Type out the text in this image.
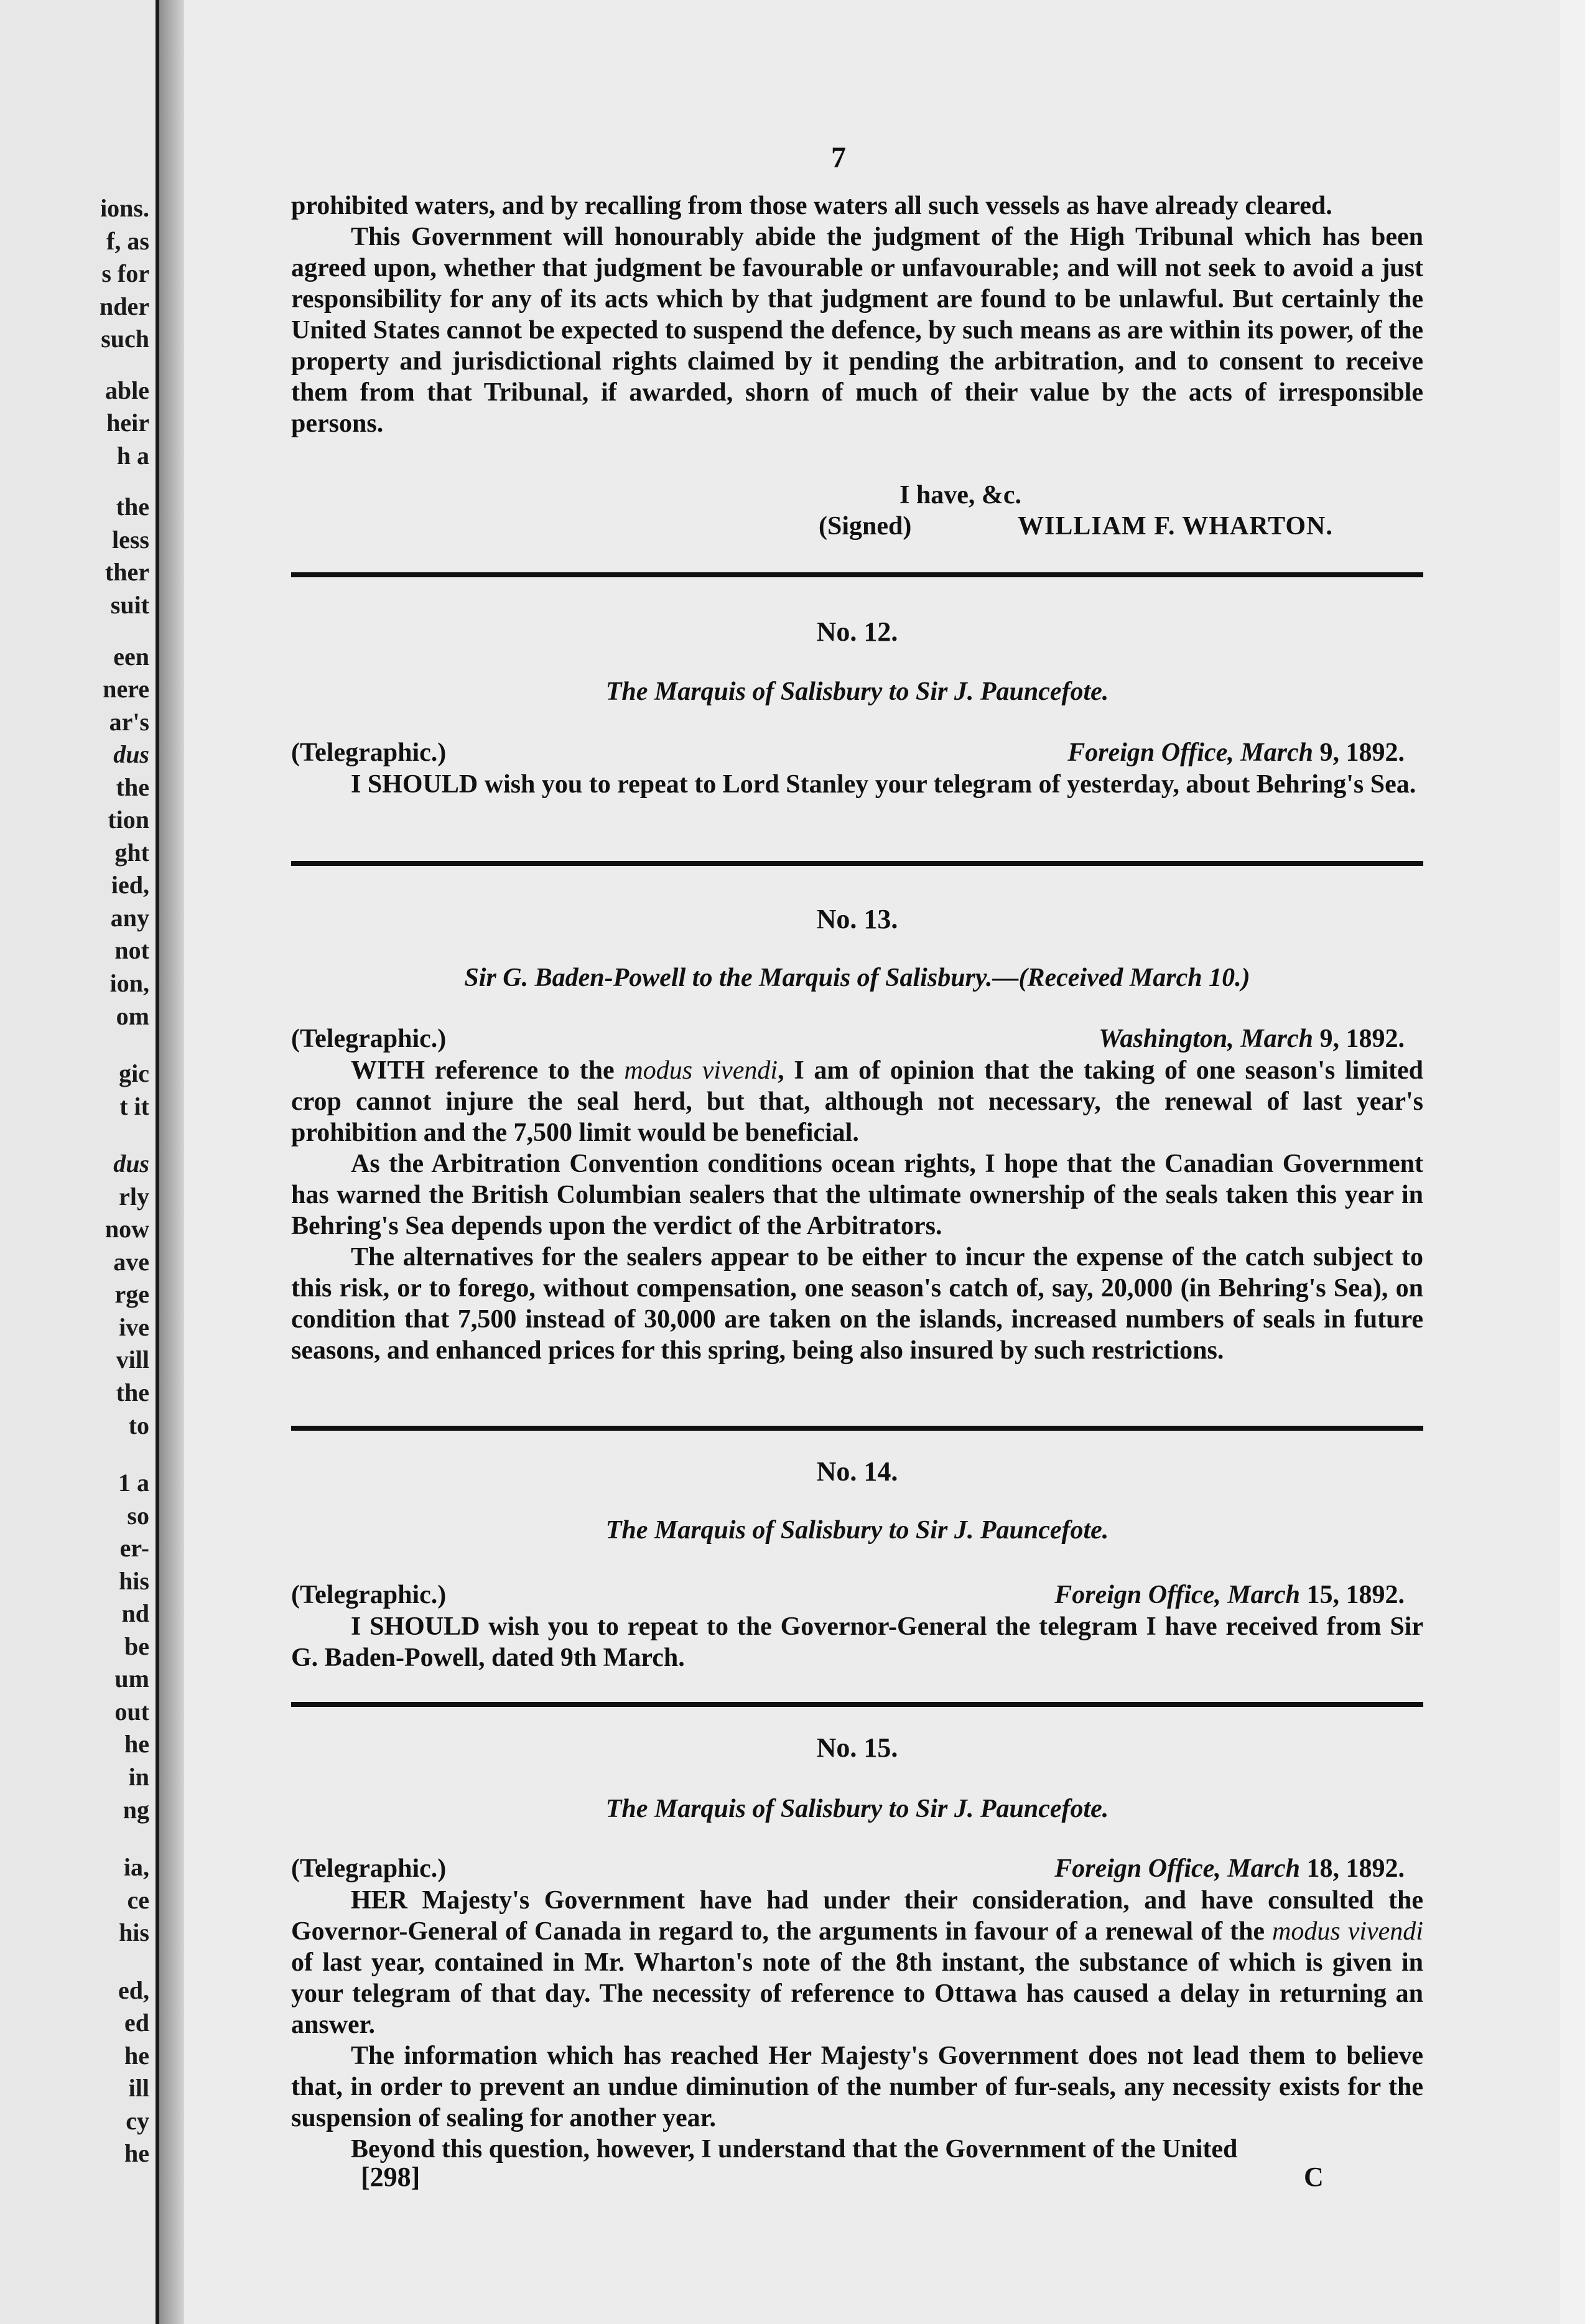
ions.
f, as
s for
nder
such
able
heir
h a
the
less
ther
suit
een
nere
ar's
dus
the
tion
ght
ied,
any
not
ion,
om
gic
t it
dus
rly
now
ave
rge
ive
vill
the
to
1 a
so
er-
his
nd
be
um
out
he
in
ng
ia,
ce
his
ed,
ed
he
ill
cy
he
7

prohibited waters, and by recalling from those waters all such vessels as have already cleared.

This Government will honourably abide the judgment of the High Tribunal which has been agreed upon, whether that judgment be favourable or unfavourable; and will not seek to avoid a just responsibility for any of its acts which by that judgment are found to be unlawful. But certainly the United States cannot be expected to suspend the defence, by such means as are within its power, of the property and jurisdictional rights claimed by it pending the arbitration, and to consent to receive them from that Tribunal, if awarded, shorn of much of their value by the acts of irresponsible persons.

I have, &c.
(Signed)	WILLIAM F. WHARTON.
No. 12.
The Marquis of Salisbury to Sir J. Pauncefote.
(Telegraphic.)	Foreign Office, March 9, 1892.

I SHOULD wish you to repeat to Lord Stanley your telegram of yesterday, about Behring's Sea.

No. 13.
Sir G. Baden-Powell to the Marquis of Salisbury.—(Received March 10.)
(Telegraphic.)	Washington, March 9, 1892.

WITH reference to the modus vivendi, I am of opinion that the taking of one season's limited crop cannot injure the seal herd, but that, although not necessary, the renewal of last year's prohibition and the 7,500 limit would be beneficial.

As the Arbitration Convention conditions ocean rights, I hope that the Canadian Government has warned the British Columbian sealers that the ultimate ownership of the seals taken this year in Behring's Sea depends upon the verdict of the Arbitrators.

The alternatives for the sealers appear to be either to incur the expense of the catch subject to this risk, or to forego, without compensation, one season's catch of, say, 20,000 (in Behring's Sea), on condition that 7,500 instead of 30,000 are taken on the islands, increased numbers of seals in future seasons, and enhanced prices for this spring, being also insured by such restrictions.

No. 14.
The Marquis of Salisbury to Sir J. Pauncefote.
(Telegraphic.)	Foreign Office, March 15, 1892.

I SHOULD wish you to repeat to the Governor-General the telegram I have received from Sir G. Baden-Powell, dated 9th March.

No. 15.
The Marquis of Salisbury to Sir J. Pauncefote.
(Telegraphic.)	Foreign Office, March 18, 1892.

HER Majesty's Government have had under their consideration, and have consulted the Governor-General of Canada in regard to, the arguments in favour of a renewal of the modus vivendi of last year, contained in Mr. Wharton's note of the 8th instant, the substance of which is given in your telegram of that day. The necessity of reference to Ottawa has caused a delay in returning an answer.

The information which has reached Her Majesty's Government does not lead them to believe that, in order to prevent an undue diminution of the number of fur-seals, any necessity exists for the suspension of sealing for another year.

Beyond this question, however, I understand that the Government of the United

[298]	C
